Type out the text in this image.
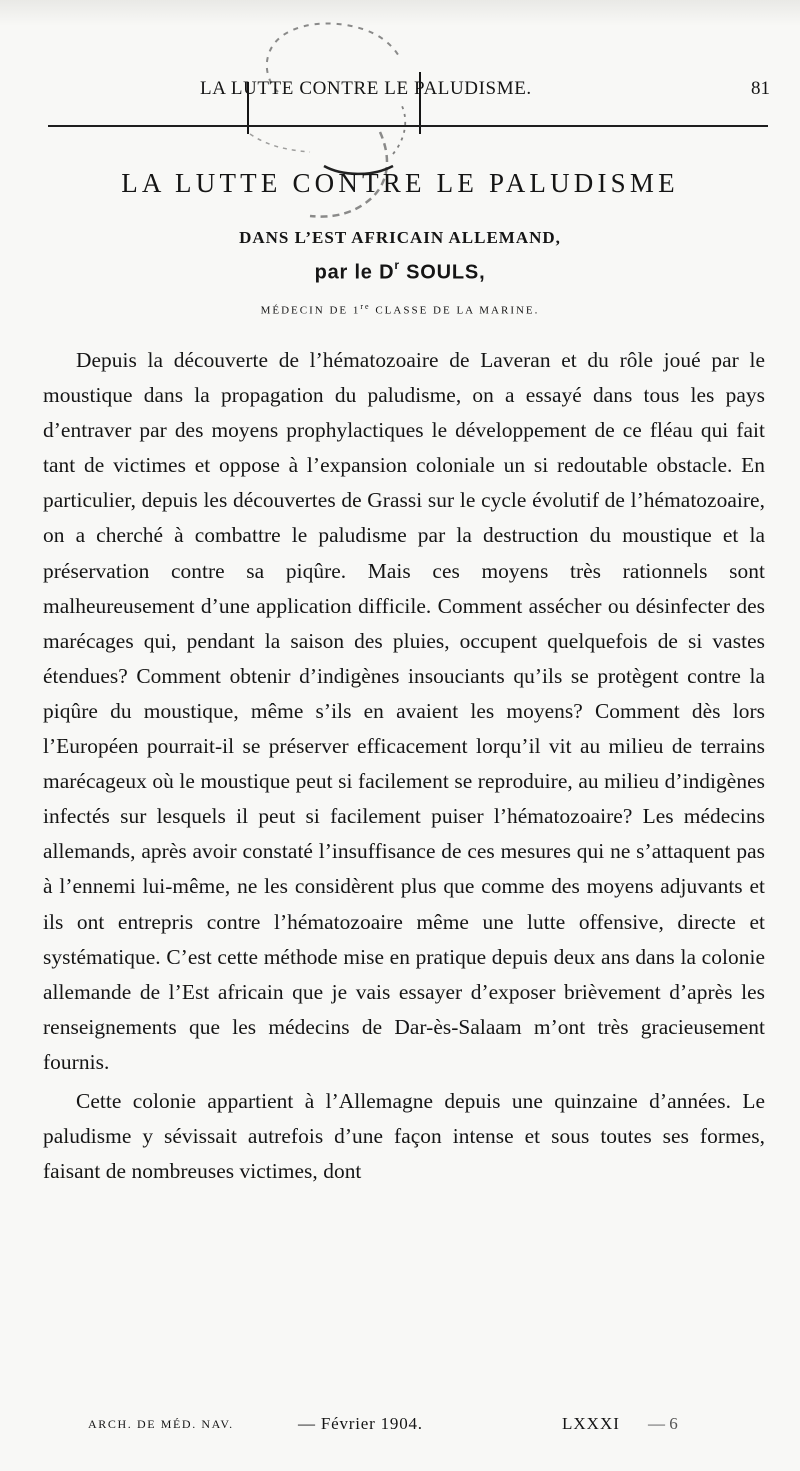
LA LUTTE CONTRE LE PALUDISME.	81
LA LUTTE CONTRE LE PALUDISME
DANS L’EST AFRICAIN ALLEMAND,
par le $D^r$ SOULS,
MÉDECIN DE 1re CLASSE DE LA MARINE.

Depuis la découverte de l’hématozoaire de Laveran et du rôle joué par le moustique dans la propagation du paludisme, on a essayé dans tous les pays d’entraver par des moyens prophylactiques le développement de ce fléau qui fait tant de victimes et oppose à l’expansion coloniale un si redoutable obstacle. En particulier, depuis les découvertes de Grassi sur le cycle évolutif de l’hématozoaire, on a cherché à combattre le paludisme par la destruction du moustique et la préservation contre sa piqûre. Mais ces moyens très rationnels sont malheureusement d’une application difficile. Comment assécher ou désinfecter des marécages qui, pendant la saison des pluies, occupent quelquefois de si vastes étendues? Comment obtenir d’indigènes insouciants qu’ils se protègent contre la piqûre du moustique, même s’ils en avaient les moyens? Comment dès lors l’Européen pourrait-il se préserver efficacement lorqu’il vit au milieu de terrains marécageux où le moustique peut si facilement se reproduire, au milieu d’indigènes infectés sur lesquels il peut si facilement puiser l’hématozoaire? Les médecins allemands, après avoir constaté l’insuffisance de ces mesures qui ne s’attaquent pas à l’ennemi lui-même, ne les considèrent plus que comme des moyens adjuvants et ils ont entrepris contre l’hématozoaire même une lutte offensive, directe et systématique. C’est cette méthode mise en pratique depuis deux ans dans la colonie allemande de l’Est africain que je vais essayer d’exposer brièvement d’après les renseignements que les médecins de Dar-ès-Salaam m’ont très gracieusement fournis.

Cette colonie appartient à l’Allemagne depuis une quinzaine d’années. Le paludisme y sévissait autrefois d’une façon intense et sous toutes ses formes, faisant de nombreuses victimes, dont

ARCH. DE MÉD. NAV.	— Février 1904.	LXXXI — 6
